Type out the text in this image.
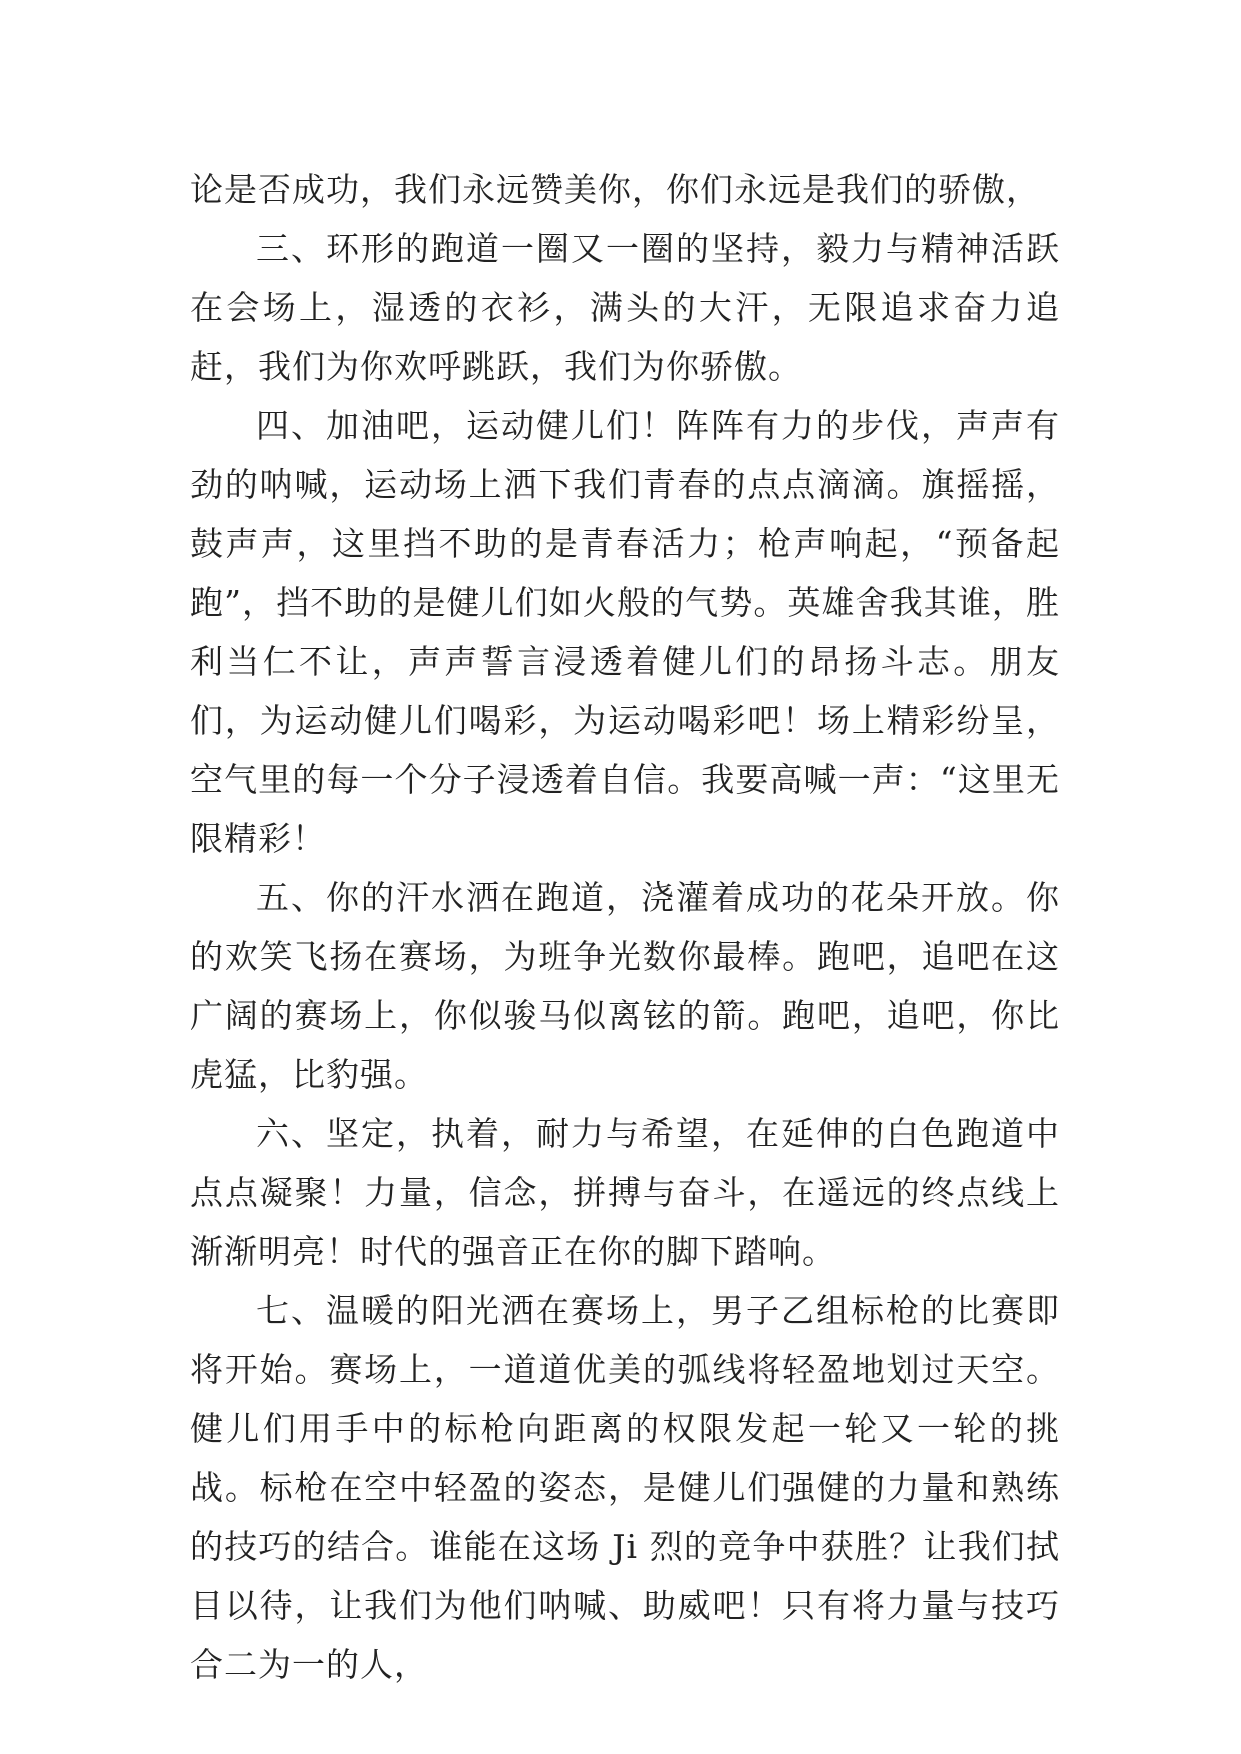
论是否成功，我们永远赞美你，你们永远是我们的骄傲，

三、环形的跑道一圈又一圈的坚持，毅力与精神活跃在会场上，湿透的衣衫，满头的大汗，无限追求奋力追赶，我们为你欢呼跳跃，我们为你骄傲。

四、加油吧，运动健儿们！阵阵有力的步伐，声声有劲的呐喊，运动场上洒下我们青春的点点滴滴。旗摇摇，鼓声声，这里挡不助的是青春活力；枪声响起，“预备起跑”，挡不助的是健儿们如火般的气势。英雄舍我其谁，胜利当仁不让，声声誓言浸透着健儿们的昂扬斗志。朋友们，为运动健儿们喝彩，为运动喝彩吧！场上精彩纷呈，空气里的每一个分子浸透着自信。我要高喊一声：“这里无限精彩！

五、你的汗水洒在跑道，浇灌着成功的花朵开放。你的欢笑飞扬在赛场，为班争光数你最棒。跑吧，追吧在这广阔的赛场上，你似骏马似离铉的箭。跑吧，追吧，你比虎猛，比豹强。

六、坚定，执着，耐力与希望，在延伸的白色跑道中点点凝聚！力量，信念，拼搏与奋斗，在遥远的终点线上渐渐明亮！时代的强音正在你的脚下踏响。

七、温暖的阳光洒在赛场上，男子乙组标枪的比赛即将开始。赛场上，一道道优美的弧线将轻盈地划过天空。健儿们用手中的标枪向距离的权限发起一轮又一轮的挑战。标枪在空中轻盈的姿态，是健儿们强健的力量和熟练的技巧的结合。谁能在这场 Ji 烈的竞争中获胜？让我们拭目以待，让我们为他们呐喊、助威吧！只有将力量与技巧合二为一的人，
